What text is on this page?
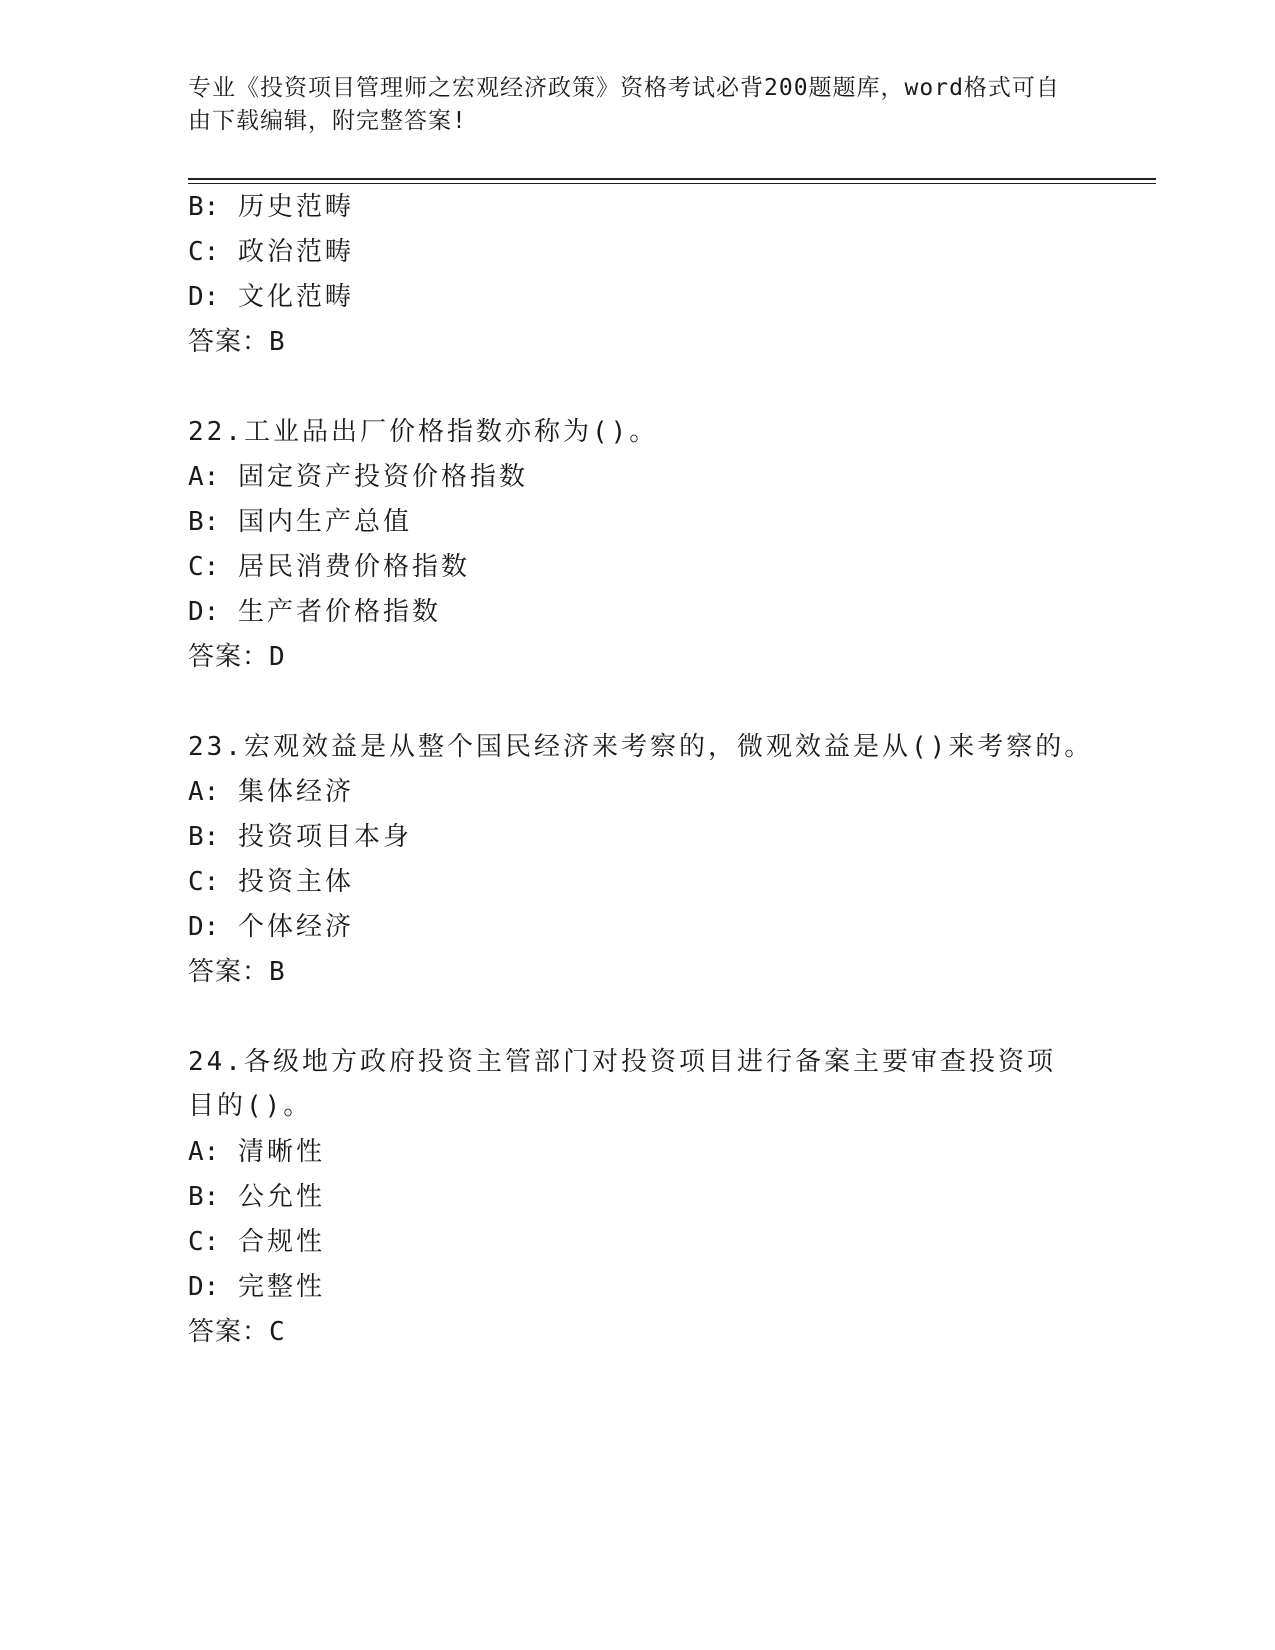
专业《投资项目管理师之宏观经济政策》资格考试必背200题题库，word格式可自由下载编辑，附完整答案!
B: 历史范畴
C: 政治范畴
D: 文化范畴
答案：B
22.工业品出厂价格指数亦称为()。
A: 固定资产投资价格指数
B: 国内生产总值
C: 居民消费价格指数
D: 生产者价格指数
答案：D
23.宏观效益是从整个国民经济来考察的，微观效益是从()来考察的。
A: 集体经济
B: 投资项目本身
C: 投资主体
D: 个体经济
答案：B
24.各级地方政府投资主管部门对投资项目进行备案主要审查投资项目的()。
A: 清晰性
B: 公允性
C: 合规性
D: 完整性
答案：C
